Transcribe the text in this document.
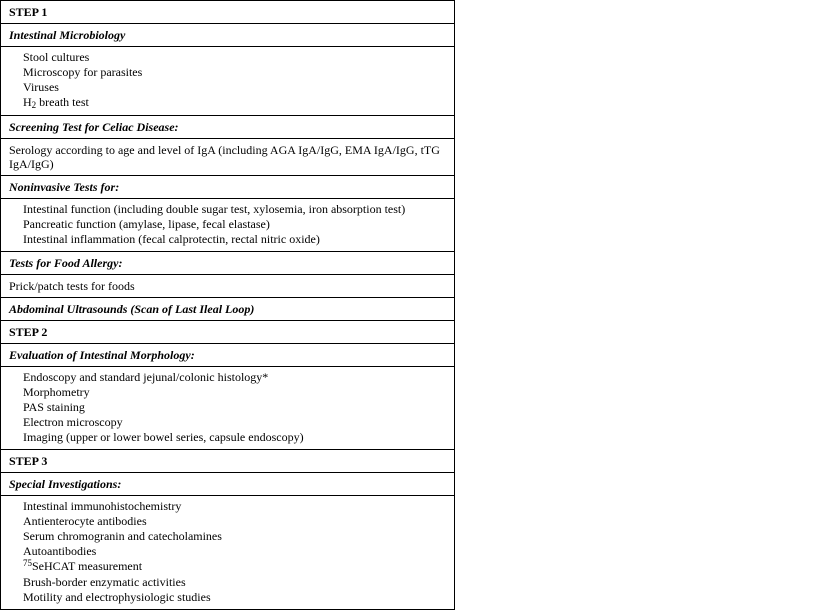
STEP 1

Intestinal Microbiology

Stool cultures
Microscopy for parasites
Viruses
$H_2$ breath test

Screening Test for Celiac Disease:

Serology according to age and level of IgA (including AGA IgA/IgG, EMA IgA/IgG, tTG IgA/IgG)

Noninvasive Tests for:

Intestinal function (including double sugar test, xylosemia, iron absorption test)
Pancreatic function (amylase, lipase, fecal elastase)
Intestinal inflammation (fecal calprotectin, rectal nitric oxide)

Tests for Food Allergy:

Prick/patch tests for foods

Abdominal Ultrasounds (Scan of Last Ileal Loop)

STEP 2

Evaluation of Intestinal Morphology:

Endoscopy and standard jejunal/colonic histology*
Morphometry
PAS staining
Electron microscopy
Imaging (upper or lower bowel series, capsule endoscopy)

STEP 3

Special Investigations:

Intestinal immunohistochemistry
Antienterocyte antibodies
Serum chromogranin and catecholamines
Autoantibodies
$^{75}$SeHCAT measurement
Brush-border enzymatic activities
Motility and electrophysiologic studies
